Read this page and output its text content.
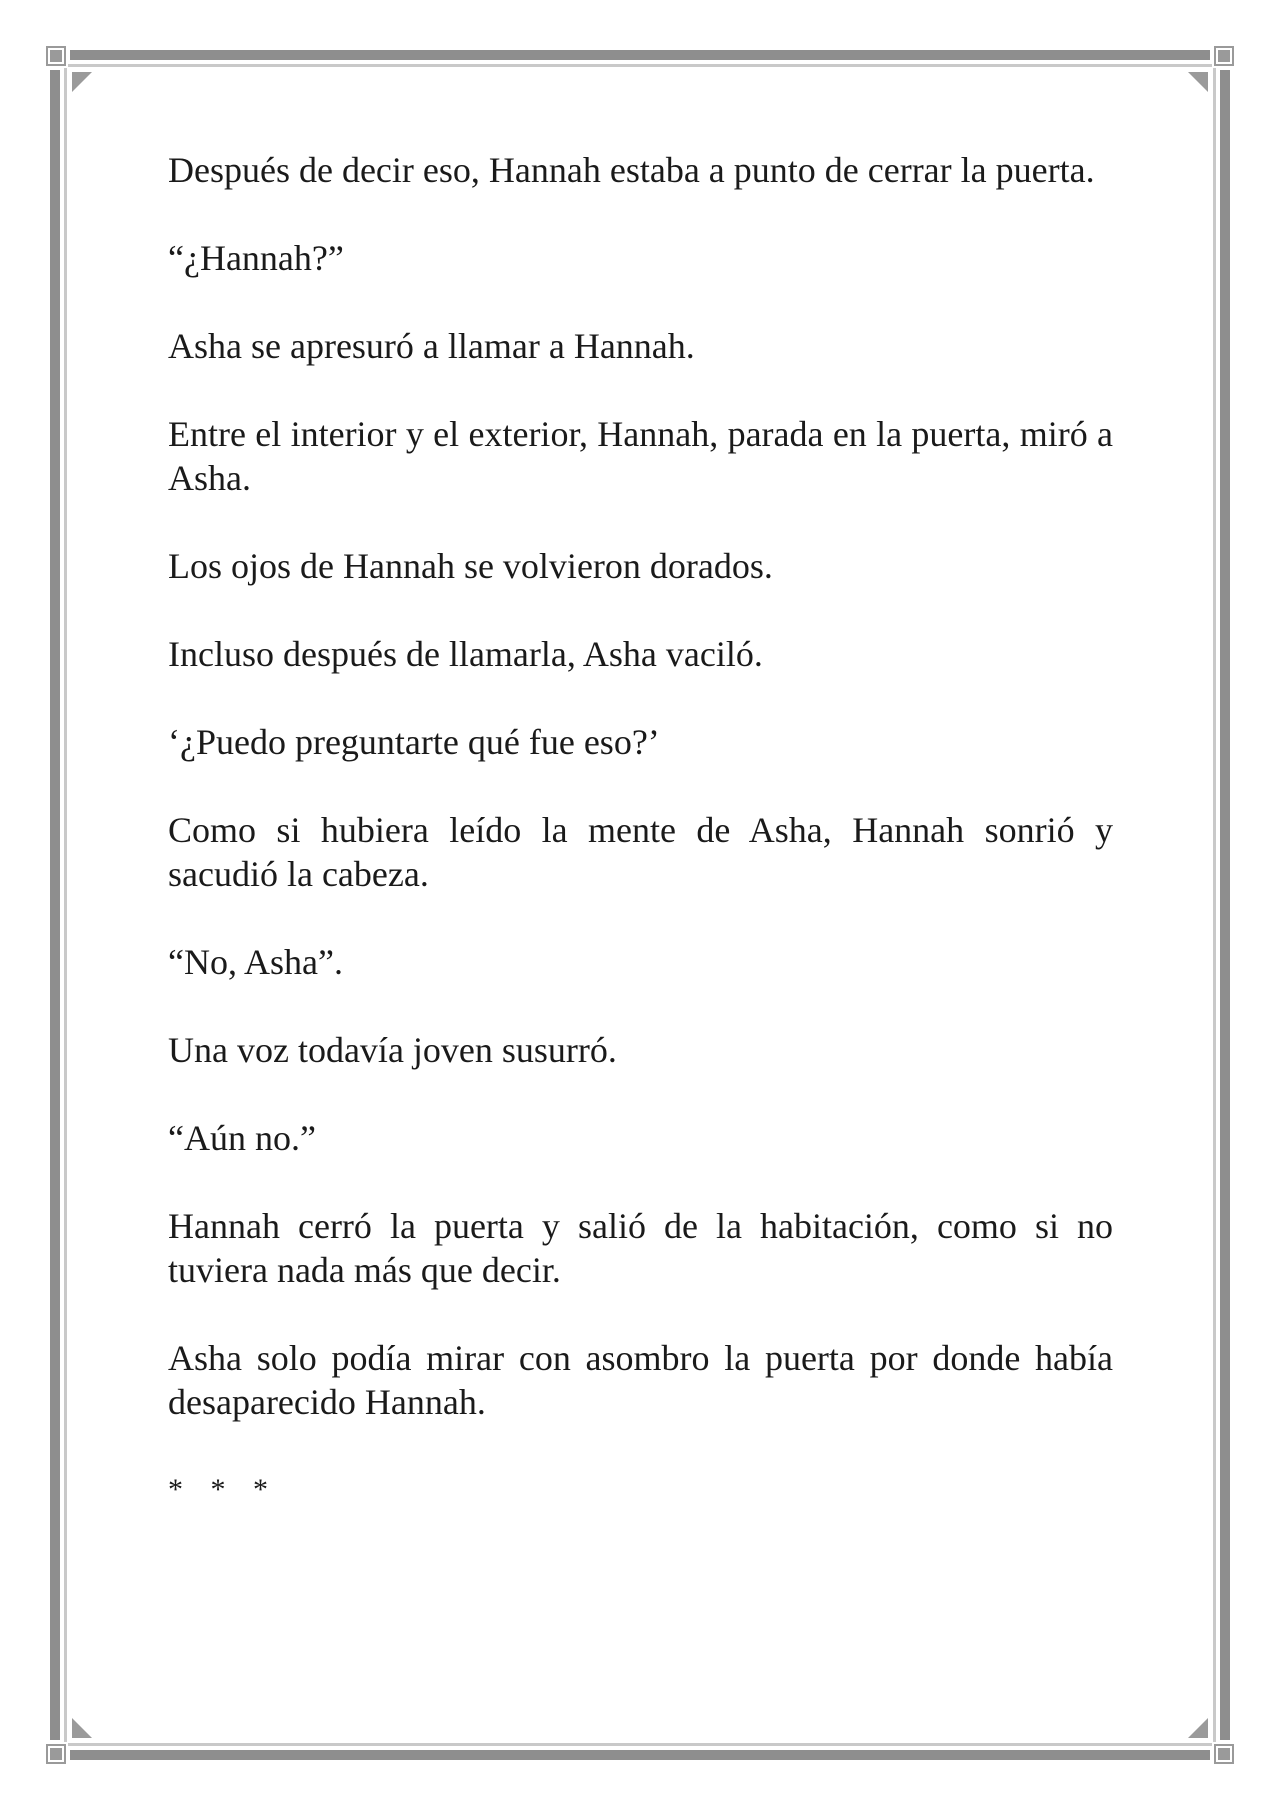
Después de decir eso, Hannah estaba a punto de cerrar la puerta.

“¿Hannah?”

Asha se apresuró a llamar a Hannah.

Entre el interior y el exterior, Hannah, parada en la puerta, miró a Asha.

Los ojos de Hannah se volvieron dorados.

Incluso después de llamarla, Asha vaciló.

‘¿Puedo preguntarte qué fue eso?’

Como si hubiera leído la mente de Asha, Hannah sonrió y sacudió la cabeza.

“No, Asha”.

Una voz todavía joven susurró.

“Aún no.”

Hannah cerró la puerta y salió de la habitación, como si no tuviera nada más que decir.

Asha solo podía mirar con asombro la puerta por donde había desaparecido Hannah.

* * *
